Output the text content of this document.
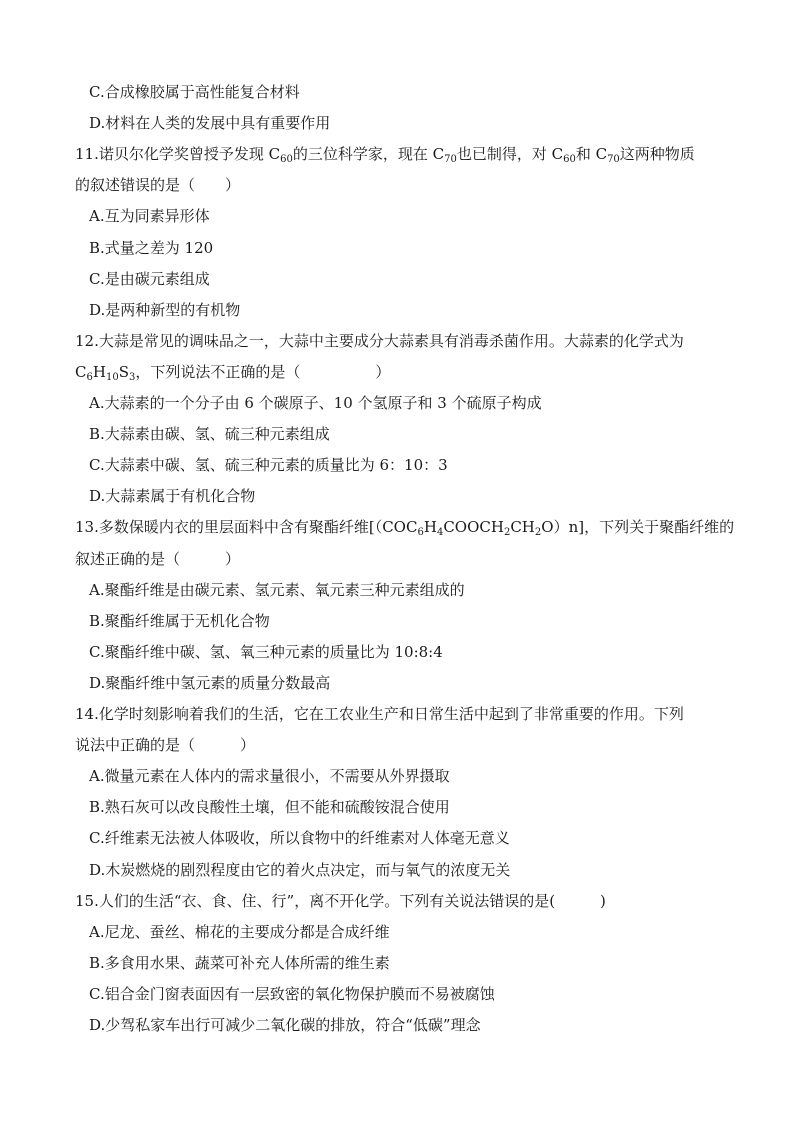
C.合成橡胶属于高性能复合材料
D.材料在人类的发展中具有重要作用
11.诺贝尔化学奖曾授予发现 $C_{60}$的三位科学家，现在 $C_{70}$也已制得，对 $C_{60}$和 $C_{70}$这两种物质
的叙述错误的是（　　）
A.互为同素异形体
B.式量之差为 120
C.是由碳元素组成
D.是两种新型的有机物
12.大蒜是常见的调味品之一，大蒜中主要成分大蒜素具有消毒杀菌作用。大蒜素的化学式为
$C_6H_{10}S_3$，下列说法不正确的是（　　　　　）
A.大蒜素的一个分子由 6 个碳原子、10 个氢原子和 3 个硫原子构成
B.大蒜素由碳、氢、硫三种元素组成
C.大蒜素中碳、氢、硫三种元素的质量比为 6：10：3
D.大蒜素属于有机化合物
13.多数保暖内衣的里层面料中含有聚酯纤维$[(COC_6H_4COOCH_2CH_2O)n]$，下列关于聚酯纤维的
叙述正确的是（　　　）
A.聚酯纤维是由碳元素、氢元素、氧元素三种元素组成的
B.聚酯纤维属于无机化合物
C.聚酯纤维中碳、氢、氧三种元素的质量比为 10:8:4
D.聚酯纤维中氢元素的质量分数最高
14.化学时刻影响着我们的生活，它在工农业生产和日常生活中起到了非常重要的作用。下列
说法中正确的是（　　　）
A.微量元素在人体内的需求量很小，不需要从外界摄取
B.熟石灰可以改良酸性土壤，但不能和硫酸铵混合使用
C.纤维素无法被人体吸收，所以食物中的纤维素对人体毫无意义
D.木炭燃烧的剧烈程度由它的着火点决定，而与氧气的浓度无关
15.人们的生活“衣、食、住、行”，离不开化学。下列有关说法错误的是(　　　)
A.尼龙、蚕丝、棉花的主要成分都是合成纤维
B.多食用水果、蔬菜可补充人体所需的维生素
C.铝合金门窗表面因有一层致密的氧化物保护膜而不易被腐蚀
D.少驾私家车出行可减少二氧化碳的排放，符合“低碳”理念
